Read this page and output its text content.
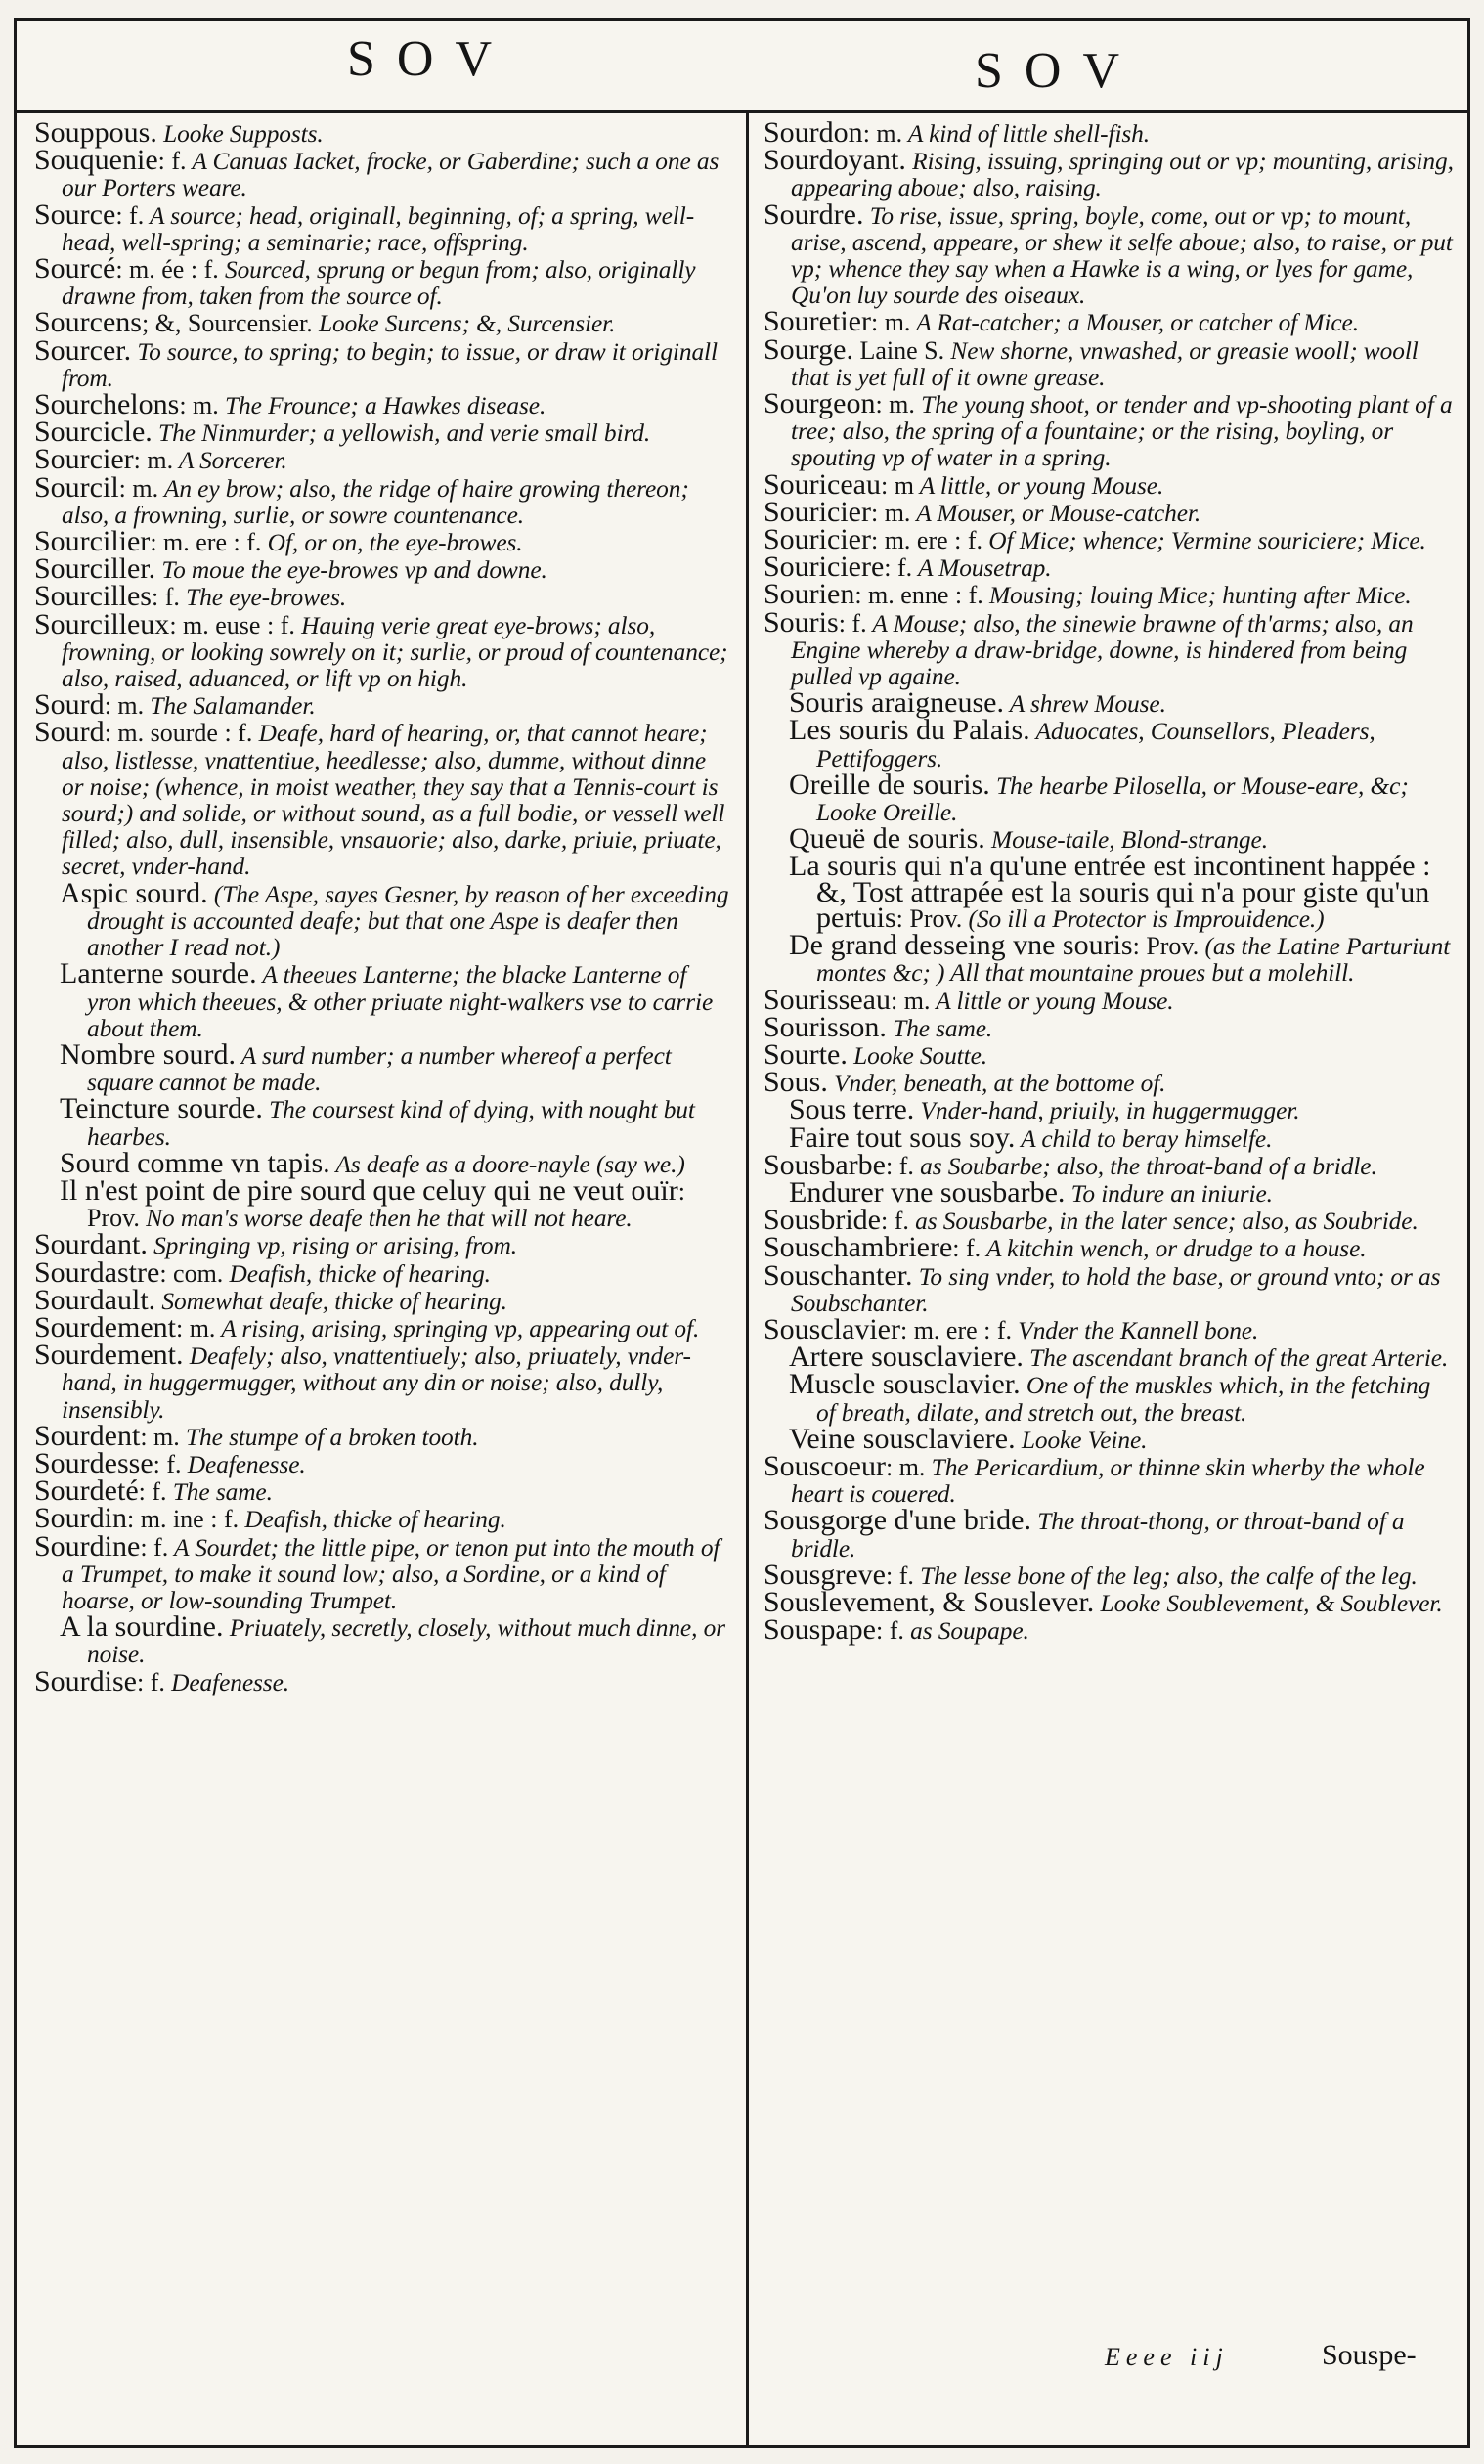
SOV	SOV
Souppous. Looke Supposts.
Souquenie: f. A Canuas Iacket, frocke, or Gaberdine; such a one as our Porters weare.
Source: f. A source; head, originall, beginning, of; a spring, well-head, well-spring; a seminarie; race, offspring.
Sourcé: m. ée : f. Sourced, sprung or begun from; also, originally drawne from, taken from the source of.
Sourcens; &, Sourcensier. Looke Surcens; &, Surcensier.
Sourcer. To source, to spring; to begin; to issue, or draw it originall from.
Sourchelons: m. The Frounce; a Hawkes disease.
Sourcicle. The Ninmurder; a yellowish, and verie small bird.
Sourcier: m. A Sorcerer.
Sourcil: m. An ey brow; also, the ridge of haire growing thereon; also, a frowning, surlie, or sowre countenance.
Sourcilier: m. ere : f. Of, or on, the eye-browes.
Sourciller. To moue the eye-browes vp and downe.
Sourcilles: f. The eye-browes.
Sourcilleux: m. euse : f. Hauing verie great eye-brows; also, frowning, or looking sowrely on it; surlie, or proud of countenance; also, raised, aduanced, or lift vp on high.
Sourd: m. The Salamander.
Sourd: m. sourde : f. Deafe, hard of hearing, or, that cannot heare; also, listlesse, vnattentiue, heedlesse; also, dumme, without dinne or noise; (whence, in moist weather, they say that a Tennis-court is sourd;) and solide, or without sound, as a full bodie, or vessell well filled; also, dull, insensible, vnsauorie; also, darke, priuie, priuate, secret, vnder-hand.
Aspic sourd. (The Aspe, sayes Gesner, by reason of her exceeding drought is accounted deafe; but that one Aspe is deafer then another I read not.)
Lanterne sourde. A theeues Lanterne; the blacke Lanterne of yron which theeues, & other priuate night-walkers vse to carrie about them.
Nombre sourd. A surd number; a number whereof a perfect square cannot be made.
Teincture sourde. The coursest kind of dying, with nought but hearbes.
Sourd comme vn tapis. As deafe as a doore-nayle (say we.)
Il n'est point de pire sourd que celuy qui ne veut ouïr: Prov. No man's worse deafe then he that will not heare.
Sourdant. Springing vp, rising or arising, from.
Sourdastre: com. Deafish, thicke of hearing.
Sourdault. Somewhat deafe, thicke of hearing.
Sourdement: m. A rising, arising, springing vp, appearing out of.
Sourdement. Deafely; also, vnattentiuely; also, priuately, vnder-hand, in huggermugger, without any din or noise; also, dully, insensibly.
Sourdent: m. The stumpe of a broken tooth.
Sourdesse: f. Deafenesse.
Sourdeté: f. The same.
Sourdin: m. ine : f. Deafish, thicke of hearing.
Sourdine: f. A Sourdet; the little pipe, or tenon put into the mouth of a Trumpet, to make it sound low; also, a Sordine, or a kind of hoarse, or low-sounding Trumpet.
A la sourdine. Priuately, secretly, closely, without much dinne, or noise.
Sourdise: f. Deafenesse.
Sourdon: m. A kind of little shell-fish.
Sourdoyant. Rising, issuing, springing out or vp; mounting, arising, appearing aboue; also, raising.
Sourdre. To rise, issue, spring, boyle, come, out or vp; to mount, arise, ascend, appeare, or shew it selfe aboue; also, to raise, or put vp; whence they say when a Hawke is a wing, or lyes for game, Qu'on luy sourde des oiseaux.
Souretier: m. A Rat-catcher; a Mouser, or catcher of Mice.
Sourge. Laine S. New shorne, vnwashed, or greasie wooll; wooll that is yet full of it owne grease.
Sourgeon: m. The young shoot, or tender and vp-shooting plant of a tree; also, the spring of a fountaine; or the rising, boyling, or spouting vp of water in a spring.
Souriceau: m A little, or young Mouse.
Souricier: m. A Mouser, or Mouse-catcher.
Souricier: m. ere : f. Of Mice; whence; Vermine souriciere; Mice.
Souriciere: f. A Mousetrap.
Sourien: m. enne : f. Mousing; louing Mice; hunting after Mice.
Souris: f. A Mouse; also, the sinewie brawne of th'arms; also, an Engine whereby a draw-bridge, downe, is hindered from being pulled vp againe.
Souris araigneuse. A shrew Mouse.
Les souris du Palais. Aduocates, Counsellors, Pleaders, Pettifoggers.
Oreille de souris. The hearbe Pilosella, or Mouse-eare, &c; Looke Oreille.
Queuë de souris. Mouse-taile, Blond-strange.
La souris qui n'a qu'une entrée est incontinent happée : &, Tost attrapée est la souris qui n'a pour giste qu'un pertuis: Prov. (So ill a Protector is Improuidence.)
De grand desseing vne souris: Prov. (as the Latine Parturiunt montes &c; ) All that mountaine proues but a molehill.
Sourisseau: m. A little or young Mouse.
Sourisson. The same.
Sourte. Looke Soutte.
Sous. Vnder, beneath, at the bottome of.
Sous terre. Vnder-hand, priuily, in huggermugger.
Faire tout sous soy. A child to beray himselfe.
Sousbarbe: f. as Soubarbe; also, the throat-band of a bridle.
Endurer vne sousbarbe. To indure an iniurie.
Sousbride: f. as Sousbarbe, in the later sence; also, as Soubride.
Souschambriere: f. A kitchin wench, or drudge to a house.
Souschanter. To sing vnder, to hold the base, or ground vnto; or as Soubschanter.
Sousclavier: m. ere : f. Vnder the Kannell bone.
Artere sousclaviere. The ascendant branch of the great Arterie.
Muscle sousclavier. One of the muskles which, in the fetching of breath, dilate, and stretch out, the breast.
Veine sousclaviere. Looke Veine.
Souscoeur: m. The Pericardium, or thinne skin wherby the whole heart is couered.
Sousgorge d'une bride. The throat-thong, or throat-band of a bridle.
Sousgreve: f. The lesse bone of the leg; also, the calfe of the leg.
Souslevement, & Souslever. Looke Soublevement, & Soublever.
Souspape: f. as Soupape.
Eeee iij	Souspe-
